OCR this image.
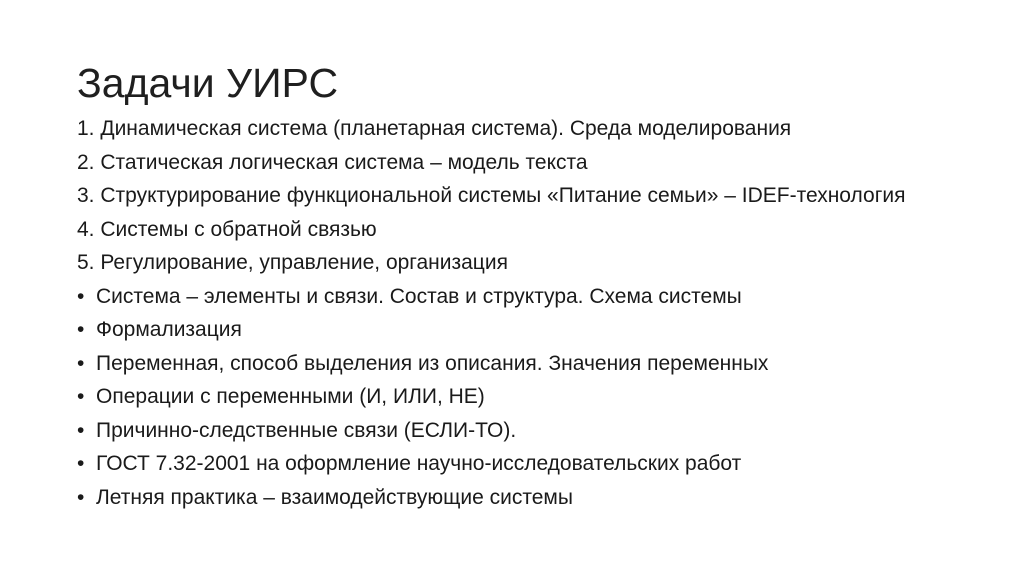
Задачи УИРС
1. Динамическая система (планетарная система). Среда моделирования
2. Статическая логическая система – модель текста
3. Структурирование функциональной системы «Питание семьи» – IDEF-технология
4. Системы с обратной связью
5. Регулирование, управление, организация
• Система – элементы и связи. Состав и структура. Схема системы
• Формализация
• Переменная, способ выделения из описания. Значения переменных
• Операции с переменными (И, ИЛИ, НЕ)
• Причинно-следственные связи (ЕСЛИ-ТО).
• ГОСТ 7.32-2001 на оформление научно-исследовательских работ
• Летняя практика – взаимодействующие системы
